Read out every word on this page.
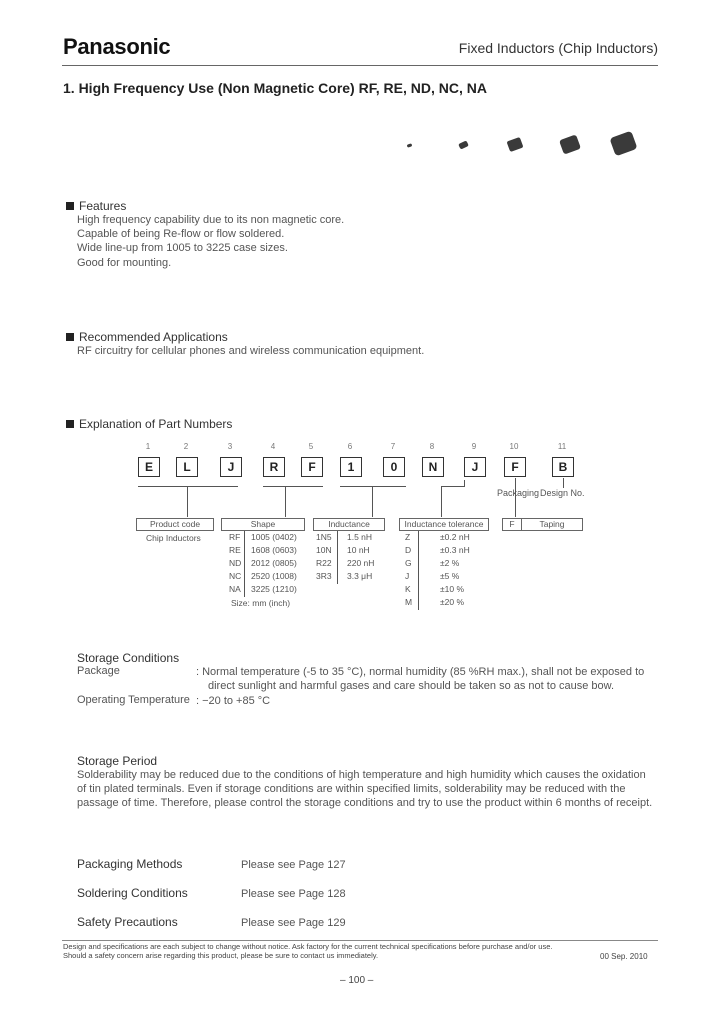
Panasonic	Fixed Inductors (Chip Inductors)
1. High Frequency Use (Non Magnetic Core) RF, RE, ND, NC, NA
Features
High frequency capability due to its non magnetic core.
Capable of being Re-flow or flow soldered.
Wide line-up from 1005 to 3225 case sizes.
Good for mounting.
Recommended Applications
RF circuitry for cellular phones and wireless communication equipment.
Explanation of Part Numbers
1	2	3	4	5	6	7	8	9	10	11
E	L	J	R	F	1	0	N	J	F	B
Packaging Design No.
Product code
Chip Inductors
Shape
RF 1005 (0402)
RE 1608 (0603)
ND 2012 (0805)
NC 2520 (1008)
NA 3225 (1210)
Size: mm (inch)
Inductance
1N5 1.5 nH
10N 10 nH
R22 220 nH
3R3 3.3 μH
Inductance tolerance
Z	±0.2 nH
D	±0.3 nH
G	±2 %
J	±5 %
K	±10 %
M	±20 %
F	Taping
Storage Conditions
Package	: Normal temperature (-5 to 35 °C), normal humidity (85 %RH max.), shall not be exposed to
direct sunlight and harmful gases and care should be taken so as not to cause bow.
Operating Temperature : −20 to +85 °C
Storage Period
Solderability may be reduced due to the conditions of high temperature and high humidity which causes the oxidation
of tin plated terminals. Even if storage conditions are within specified limits, solderability may be reduced with the
passage of time. Therefore, please control the storage conditions and try to use the product within 6 months of receipt.
Packaging Methods	Please see Page 127
Soldering Conditions	Please see Page 128
Safety Precautions	Please see Page 129
Design and specifications are each subject to change without notice. Ask factory for the current technical specifications before purchase and/or use.
Should a safety concern arise regarding this product, please be sure to contact us immediately.	00 Sep. 2010
– 100 –
